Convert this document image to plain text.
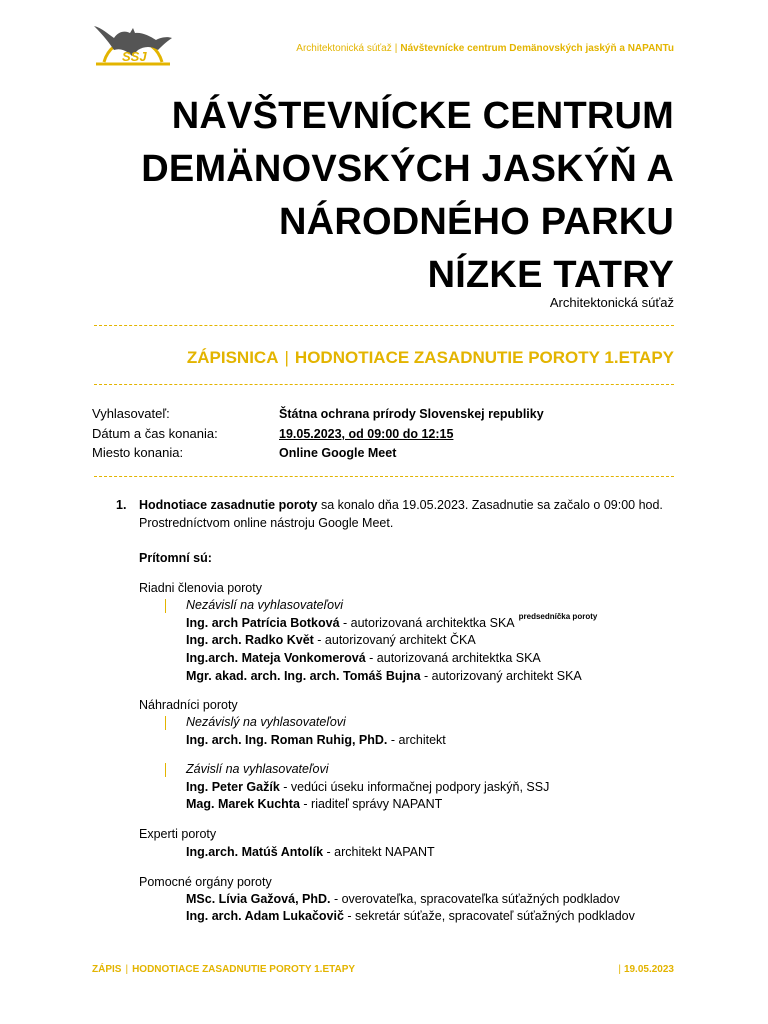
SSJ
Architektonická súťaž | Návštevnícke centrum Demänovských jaskýň a NAPANTu
NÁVŠTEVNÍCKE CENTRUM
DEMÄNOVSKÝCH JASKÝŇ A
NÁRODNÉHO PARKU
NÍZKE TATRY
Architektonická súťaž
ZÁPISNICA | HODNOTIACE ZASADNUTIE POROTY 1.ETAPY
Vyhlasovateľ:	Štátna ochrana prírody Slovenskej republiky
Dátum a čas konania:	19.05.2023, od 09:00 do 12:15
Miesto konania:	Online Google Meet
1. Hodnotiace zasadnutie poroty sa konalo dňa 19.05.2023. Zasadnutie sa začalo o 09:00 hod.
Prostredníctvom online nástroju Google Meet.
Prítomní sú:
Riadni členovia poroty
Nezávislí na vyhlasovateľovi
Ing. arch Patrícia Botková - autorizovaná architektka SKA $^{predsedníčka poroty}$
Ing. arch. Radko Květ - autorizovaný architekt ČKA
Ing.arch. Mateja Vonkomerová - autorizovaná architektka SKA
Mgr. akad. arch. Ing. arch. Tomáš Bujna - autorizovaný architekt SKA
Náhradníci poroty
Nezávislý na vyhlasovateľovi
Ing. arch. Ing. Roman Ruhig, PhD. - architekt
Závislí na vyhlasovateľovi
Ing. Peter Gažík - vedúci úseku informačnej podpory jaskýň, SSJ
Mag. Marek Kuchta - riaditeľ správy NAPANT
Experti poroty
Ing.arch. Matúš Antolík - architekt NAPANT
Pomocné orgány poroty
MSc. Lívia Gažová, PhD. - overovateľka, spracovateľka súťažných podkladov
Ing. arch. Adam Lukačovič - sekretár súťaže, spracovateľ súťažných podkladov
ZÁPIS | HODNOTIACE ZASADNUTIE POROTY 1.ETAPY	| 19.05.2023
